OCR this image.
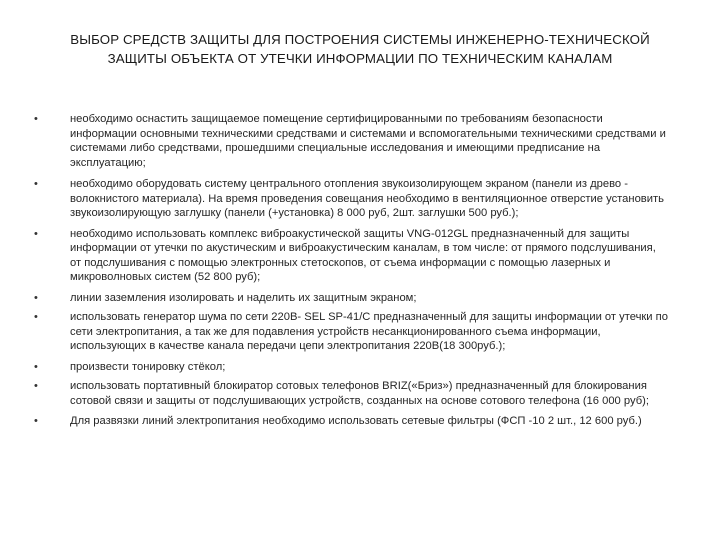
ВЫБОР СРЕДСТВ ЗАЩИТЫ ДЛЯ ПОСТРОЕНИЯ СИСТЕМЫ ИНЖЕНЕРНО-ТЕХНИЧЕСКОЙ ЗАЩИТЫ ОБЪЕКТА ОТ УТЕЧКИ ИНФОРМАЦИИ ПО ТЕХНИЧЕСКИМ КАНАЛАМ
•	необходимо оснастить защищаемое помещение сертифицированными по требованиям безопасности информации основными техническими средствами и системами и вспомогательными техническими средствами и системами либо средствами, прошедшими специальные исследования и имеющими предписание на эксплуатацию;
•	необходимо оборудовать систему центрального отопления звукоизолирующем экраном (панели из древо - волокнистого материала). На время проведения совещания необходимо в вентиляционное отверстие установить звукоизолирующую заглушку (панели (+установка) 8 000 руб, 2шт. заглушки 500 руб.);
•	необходимо использовать комплекс виброакустической защиты VNG-012GL предназначенный для защиты информации от утечки по акустическим и виброакустическим каналам, в том числе: от прямого подслушивания, от подслушивания с помощью электронных стетоскопов, от съема информации с помощью лазерных и микроволновых систем (52 800 руб);
•	линии заземления изолировать и наделить их защитным экраном;
•	использовать генератор шума по сети 220В- SEL SP-41/C предназначенный для защиты информации от утечки по сети электропитания, а так же для подавления устройств несанкционированного съема информации, использующих в качестве канала передачи цепи электропитания 220В(18 300руб.);
•	произвести тонировку стёкол;
•	использовать портативный блокиратор сотовых телефонов BRIZ(«Бриз») предназначенный для блокирования сотовой связи и защиты от подслушивающих устройств, созданных на основе сотового телефона (16 000 руб);
•	Для развязки линий электропитания необходимо использовать сетевые фильтры (ФСП -10 2 шт., 12 600 руб.)
